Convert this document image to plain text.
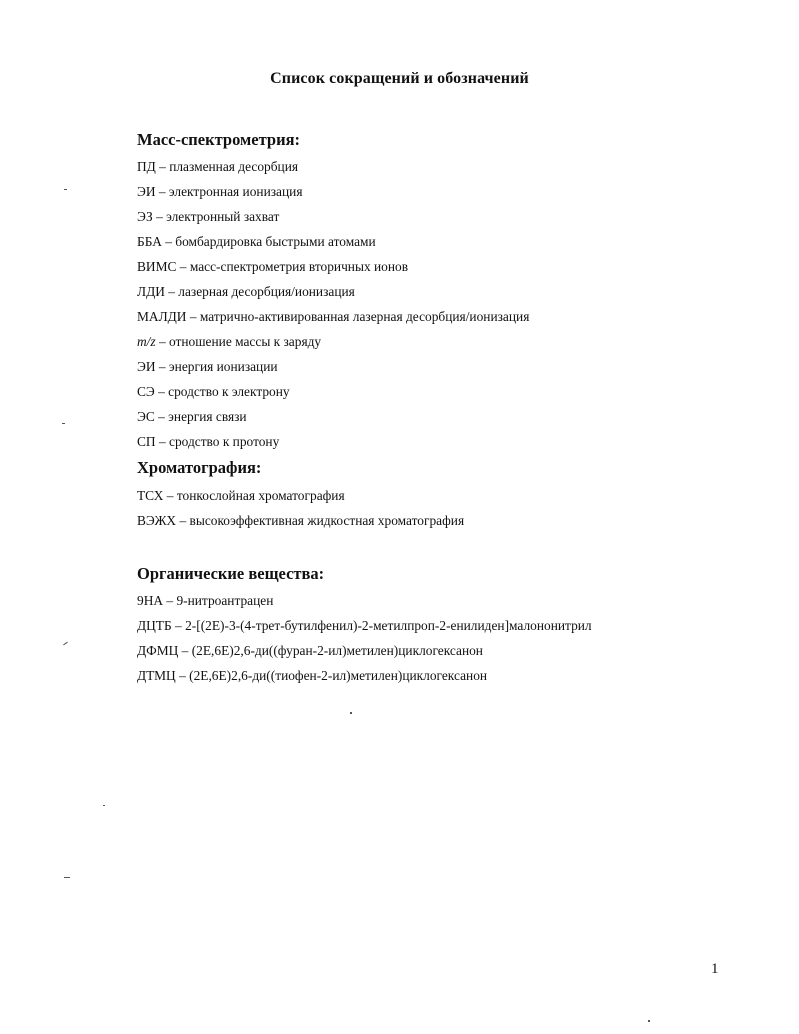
Список сокращений и обозначений
Масс-спектрометрия:
ПД – плазменная десорбция
ЭИ – электронная ионизация
ЭЗ – электронный захват
ББА – бомбардировка быстрыми атомами
ВИМС – масс-спектрометрия вторичных ионов
ЛДИ – лазерная десорбция/ионизация
МАЛДИ – матрично-активированная лазерная десорбция/ионизация
m/z – отношение массы к заряду
ЭИ – энергия ионизации
СЭ – сродство к электрону
ЭС – энергия связи
СП – сродство к протону
Хроматография:
ТСХ – тонкослойная хроматография
ВЭЖХ – высокоэффективная жидкостная хроматография
Органические вещества:
9НА – 9-нитроантрацен
ДЦТБ – 2-[(2E)-3-(4-трет-бутилфенил)-2-метилпроп-2-енилиден]малононитрил
ДФМЦ – (2E,6E)2,6-ди((фуран-2-ил)метилен)циклогексанон
ДТМЦ – (2E,6E)2,6-ди((тиофен-2-ил)метилен)циклогексанон
1
